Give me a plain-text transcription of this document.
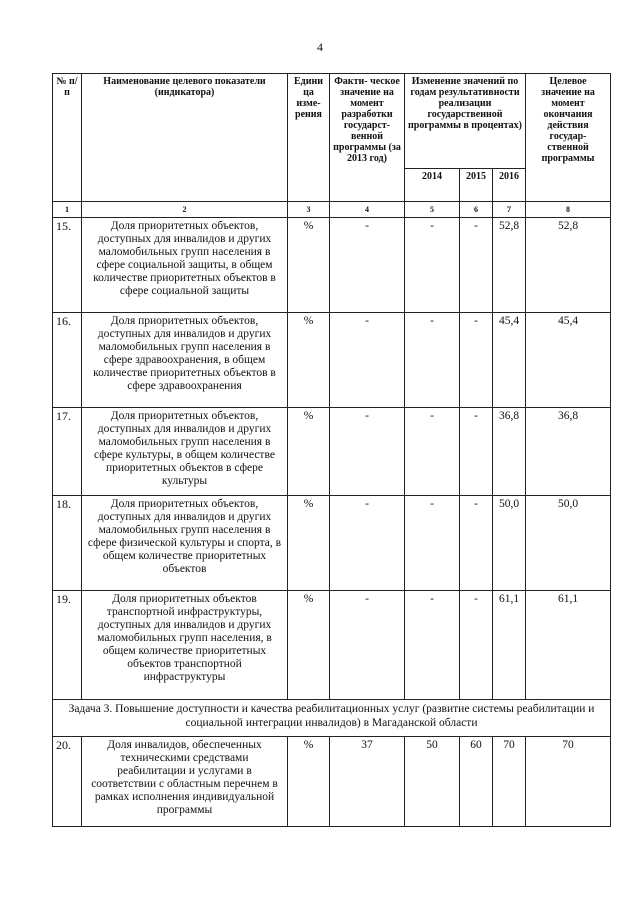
4
№ п/п	Наименование целевого показатели (индикатора)	Едини ца изме- рения	Факти- ческое значение на момент разработки государст- венной программы (за 2013 год)	Изменение значений по годам результативности реализации государственной программы в процентах)			Целевое значение на момент окончания действия государ- ственной программы
				2014	2015	2016	
1	2	3	4	5	6	7	8
15.	Доля приоритетных объектов, доступных для инвалидов и других маломобильных групп населения в сфере социальной защиты, в общем количестве приоритетных объектов в сфере социальной защиты	%	-	-	-	52,8	52,8
16.	Доля приоритетных объектов, доступных для инвалидов и других маломобильных групп населения в сфере здравоохранения, в общем количестве приоритетных объектов в сфере здравоохранения	%	-	-	-	45,4	45,4
17.	Доля приоритетных объектов, доступных для инвалидов и других маломобильных групп населения в сфере культуры, в общем количестве приоритетных объектов в сфере культуры	%	-	-	-	36,8	36,8
18.	Доля приоритетных объектов, доступных для инвалидов и других маломобильных групп населения в сфере физической культуры и спорта, в общем количестве приоритетных объектов	%	-	-	-	50,0	50,0
19.	Доля приоритетных объектов транспортной инфраструктуры, доступных для инвалидов и других маломобильных групп населения, в общем количестве приоритетных объектов транспортной инфраструктуры	%	-	-	-	61,1	61,1
Задача 3. Повышение доступности и качества реабилитационных услуг (развитие системы реабилитации и социальной интеграции инвалидов) в Магаданской области							
20.	Доля инвалидов, обеспеченных техническими средствами реабилитации и услугами в соответствии с областным перечнем в рамках исполнения индивидуальной программы	%	37	50	60	70	70
